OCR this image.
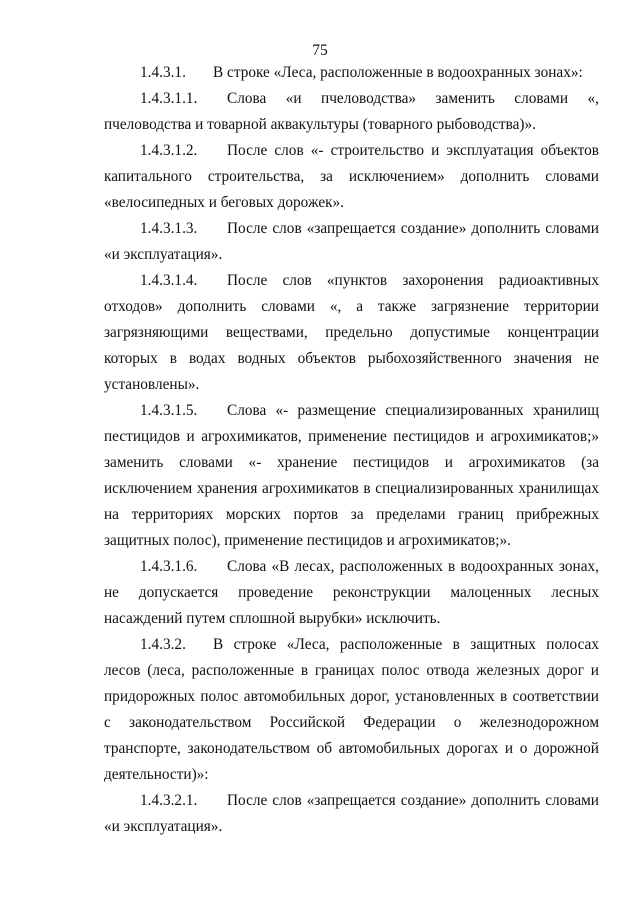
75

1.4.3.1. В строке «Леса, расположенные в водоохранных зонах»:

1.4.3.1.1. Слова «и пчеловодства» заменить словами «, пчеловодства и товарной аквакультуры (товарного рыбоводства)».

1.4.3.1.2. После слов «- строительство и эксплуатация объектов капитального строительства, за исключением» дополнить словами «велосипедных и беговых дорожек».

1.4.3.1.3. После слов «запрещается создание» дополнить словами «и эксплуатация».

1.4.3.1.4. После слов «пунктов захоронения радиоактивных отходов» дополнить словами «, а также загрязнение территории загрязняющими веществами, предельно допустимые концентрации которых в водах водных объектов рыбохозяйственного значения не установлены».

1.4.3.1.5. Слова «- размещение специализированных хранилищ пестицидов и агрохимикатов, применение пестицидов и агрохимикатов;» заменить словами «- хранение пестицидов и агрохимикатов (за исключением хранения агрохимикатов в специализированных хранилищах на территориях морских портов за пределами границ прибрежных защитных полос), применение пестицидов и агрохимикатов;».

1.4.3.1.6. Слова «В лесах, расположенных в водоохранных зонах, не допускается проведение реконструкции малоценных лесных насаждений путем сплошной вырубки» исключить.

1.4.3.2. В строке «Леса, расположенные в защитных полосах лесов (леса, расположенные в границах полос отвода железных дорог и придорожных полос автомобильных дорог, установленных в соответствии с законодательством Российской Федерации о железнодорожном транспорте, законодательством об автомобильных дорогах и о дорожной деятельности)»:

1.4.3.2.1. После слов «запрещается создание» дополнить словами «и эксплуатация».
